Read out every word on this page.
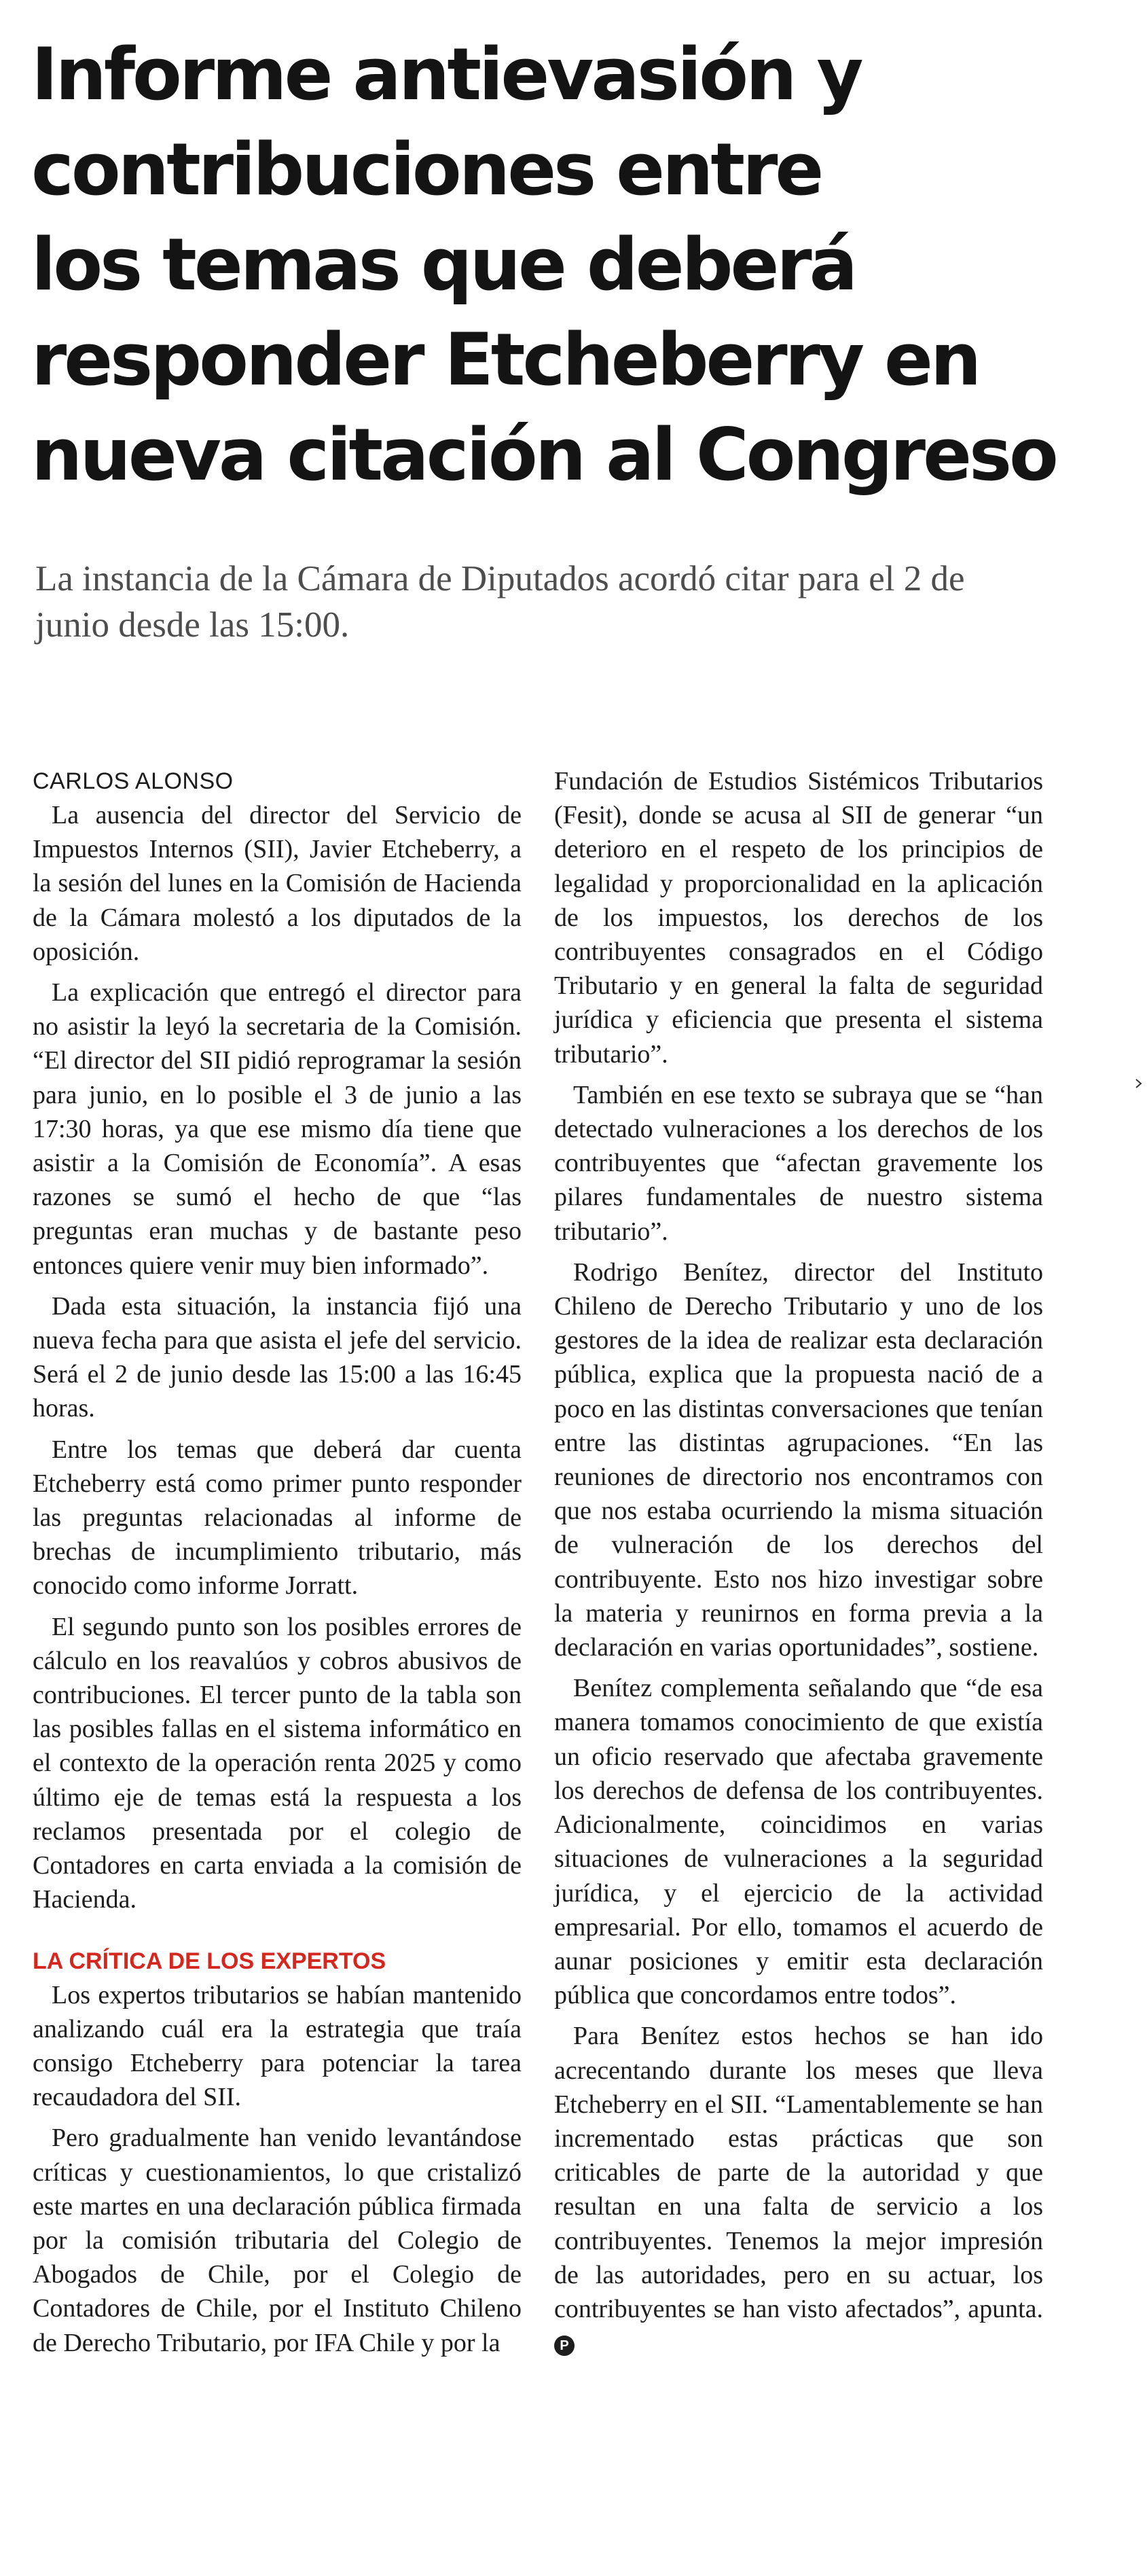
Informe antievasión y
contribuciones entre
los temas que deberá
responder Etcheberry en
nueva citación al Congreso

La instancia de la Cámara de Diputados acordó citar para el 2 de junio desde las 15:00.

CARLOS ALONSO

La ausencia del director del Servicio de Impuestos Internos (SII), Javier Etcheberry, a la sesión del lunes en la Comisión de Hacienda de la Cámara molestó a los diputados de la oposición.

La explicación que entregó el director para no asistir la leyó la secretaria de la Comisión. “El director del SII pidió reprogramar la sesión para junio, en lo posible el 3 de junio a las 17:30 horas, ya que ese mismo día tiene que asistir a la Comisión de Economía”. A esas razones se sumó el hecho de que “las preguntas eran muchas y de bastante peso entonces quiere venir muy bien informado”.

Dada esta situación, la instancia fijó una nueva fecha para que asista el jefe del servicio. Será el 2 de junio desde las 15:00 a las 16:45 horas.

Entre los temas que deberá dar cuenta Etcheberry está como primer punto responder las preguntas relacionadas al informe de brechas de incumplimiento tributario, más conocido como informe Jorratt.

El segundo punto son los posibles errores de cálculo en los reavalúos y cobros abusivos de contribuciones. El tercer punto de la tabla son las posibles fallas en el sistema informático en el contexto de la operación renta 2025 y como último eje de temas está la respuesta a los reclamos presentada por el colegio de Contadores en carta enviada a la comisión de Hacienda.

LA CRÍTICA DE LOS EXPERTOS

Los expertos tributarios se habían mantenido analizando cuál era la estrategia que traía consigo Etcheberry para potenciar la tarea recaudadora del SII.

Pero gradualmente han venido levantándose críticas y cuestionamientos, lo que cristalizó este martes en una declaración pública firmada por la comisión tributaria del Colegio de Abogados de Chile, por el Colegio de Contadores de Chile, por el Instituto Chileno de Derecho Tributario, por IFA Chile y por la

Fundación de Estudios Sistémicos Tributarios (Fesit), donde se acusa al SII de generar “un deterioro en el respeto de los principios de legalidad y proporcionalidad en la aplicación de los impuestos, los derechos de los contribuyentes consagrados en el Código Tributario y en general la falta de seguridad jurídica y eficiencia que presenta el sistema tributario”.

También en ese texto se subraya que se “han detectado vulneraciones a los derechos de los contribuyentes que “afectan gravemente los pilares fundamentales de nuestro sistema tributario”.

Rodrigo Benítez, director del Instituto Chileno de Derecho Tributario y uno de los gestores de la idea de realizar esta declaración pública, explica que la propuesta nació de a poco en las distintas conversaciones que tenían entre las distintas agrupaciones. “En las reuniones de directorio nos encontramos con que nos estaba ocurriendo la misma situación de vulneración de los derechos del contribuyente. Esto nos hizo investigar sobre la materia y reunirnos en forma previa a la declaración en varias oportunidades”, sostiene.

Benítez complementa señalando que “de esa manera tomamos conocimiento de que existía un oficio reservado que afectaba gravemente los derechos de defensa de los contribuyentes. Adicionalmente, coincidimos en varias situaciones de vulneraciones a la seguridad jurídica, y el ejercicio de la actividad empresarial. Por ello, tomamos el acuerdo de aunar posiciones y emitir esta declaración pública que concordamos entre todos”.

Para Benítez estos hechos se han ido acrecentando durante los meses que lleva Etcheberry en el SII. “Lamentablemente se han incrementado estas prácticas que son criticables de parte de la autoridad y que resultan en una falta de servicio a los contribuyentes. Tenemos la mejor impresión de las autoridades, pero en su actuar, los contribuyentes se han visto afectados”, apunta. P
